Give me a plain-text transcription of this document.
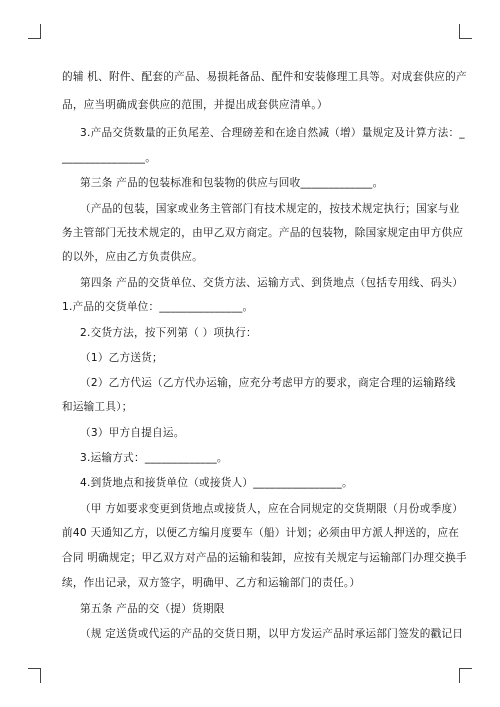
的辅 机、附件、配套的产品、易损耗备品、配件和安装修理工具等。对成套供应的产
品，应当明确成套供应的范围，并提出成套供应清单。）
3.产品交货数量的正负尾差、合理磅差和在途自然减（增）量规定及计算方法：_
_______________。
第三条 产品的包装标准和包装物的供应与回收_____________。
（产品的包装，国家或业务主管部门有技术规定的，按技术规定执行；国家与业
务主管部门无技术规定的，由甲乙双方商定。产品的包装物，除国家规定由甲方供应
的以外，应由乙方负责供应。
第四条 产品的交货单位、交货方法、运输方式、到货地点（包括专用线、码头）
1.产品的交货单位：_______________。
2.交货方法，按下列第（ ）项执行：
（1）乙方送货；
（2）乙方代运（乙方代办运输，应充分考虑甲方的要求，商定合理的运输路线
和运输工具）；
（3）甲方自提自运。
3.运输方式：_____________。
4.到货地点和接货单位（或接货人）________________。
（甲 方如要求变更到货地点或接货人，应在合同规定的交货期限（月份或季度）
前40 天通知乙方，以便乙方编月度要车（船）计划；必须由甲方派人押送的，应在
合同 明确规定；甲乙双方对产品的运输和装卸，应按有关规定与运输部门办理交换手
续，作出记录，双方签字，明确甲、乙方和运输部门的责任。）
第五条 产品的交（提）货期限
（规 定送货或代运的产品的交货日期，以甲方发运产品时承运部门签发的戳记日
